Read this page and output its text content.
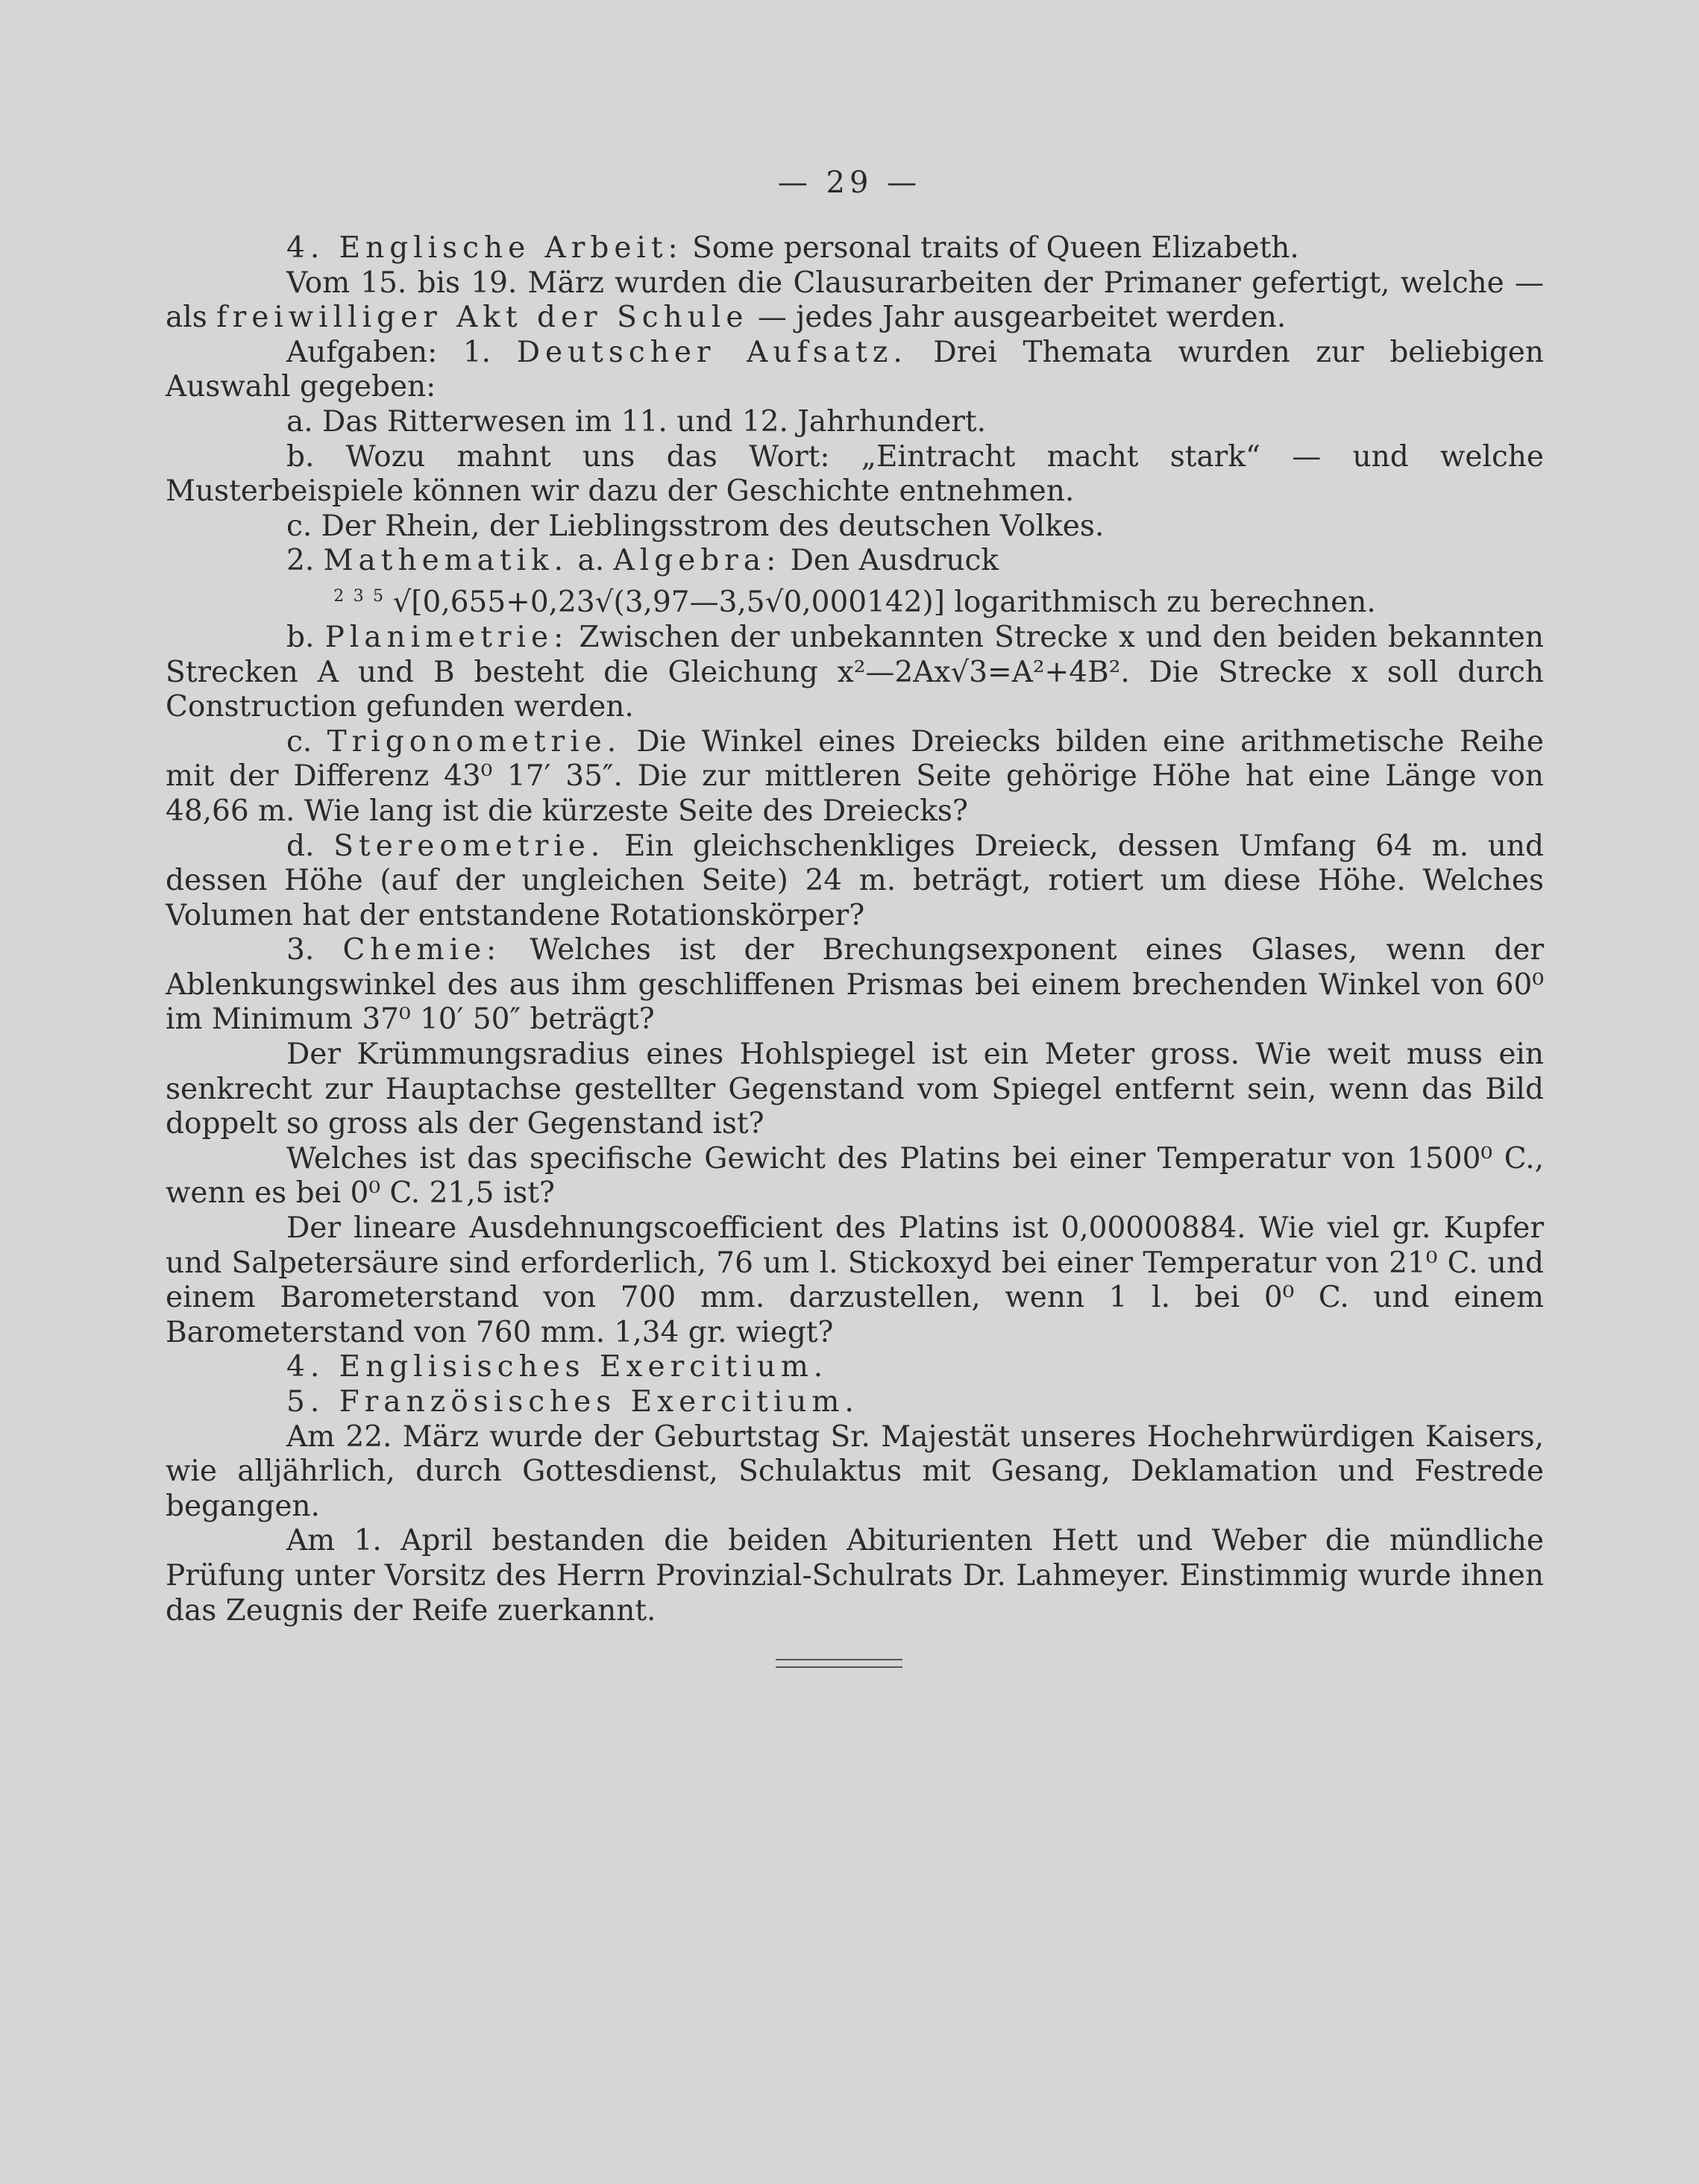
— 29 —

4. Englische Arbeit: Some personal traits of Queen Elizabeth.

Vom 15. bis 19. März wurden die Clausurarbeiten der Primaner gefertigt, welche — als freiwilliger Akt der Schule — jedes Jahr ausgearbeitet werden.

Aufgaben: 1. Deutscher Aufsatz. Drei Themata wurden zur beliebigen Auswahl gegeben:

a. Das Ritterwesen im 11. und 12. Jahrhundert.

b. Wozu mahnt uns das Wort: „Eintracht macht stark“ — und welche Musterbeispiele können wir dazu der Geschichte entnehmen.

c. Der Rhein, der Lieblingsstrom des deutschen Volkes.

2. Mathematik. a. Algebra: Den Ausdruck

$^2$ $^3$ $^5$ √[0,655+0,23√(3,97—3,5√0,000142)] logarithmisch zu berechnen.

b. Planimetrie: Zwischen der unbekannten Strecke x und den beiden bekannten Strecken A und B besteht die Gleichung x²—2Ax√3=A²+4B². Die Strecke x soll durch Construction gefunden werden.

c. Trigonometrie. Die Winkel eines Dreiecks bilden eine arithmetische Reihe mit der Differenz 43⁰ 17′ 35″. Die zur mittleren Seite gehörige Höhe hat eine Länge von 48,66 m. Wie lang ist die kürzeste Seite des Dreiecks?

d. Stereometrie. Ein gleichschenkliges Dreieck, dessen Umfang 64 m. und dessen Höhe (auf der ungleichen Seite) 24 m. beträgt, rotiert um diese Höhe. Welches Volumen hat der entstandene Rotationskörper?

3. Chemie: Welches ist der Brechungsexponent eines Glases, wenn der Ablenkungswinkel des aus ihm geschliffenen Prismas bei einem brechenden Winkel von 60⁰ im Minimum 37⁰ 10′ 50″ beträgt?

Der Krümmungsradius eines Hohlspiegel ist ein Meter gross. Wie weit muss ein senkrecht zur Hauptachse gestellter Gegenstand vom Spiegel entfernt sein, wenn das Bild doppelt so gross als der Gegenstand ist?

Welches ist das specifische Gewicht des Platins bei einer Temperatur von 1500⁰ C., wenn es bei 0⁰ C. 21,5 ist?

Der lineare Ausdehnungscoefficient des Platins ist 0,00000884. Wie viel gr. Kupfer und Salpetersäure sind erforderlich, 76 um l. Stickoxyd bei einer Temperatur von 21⁰ C. und einem Barometerstand von 700 mm. darzustellen, wenn 1 l. bei 0⁰ C. und einem Barometerstand von 760 mm. 1,34 gr. wiegt?

4. Englisisches Exercitium.

5. Französisches Exercitium.

Am 22. März wurde der Geburtstag Sr. Majestät unseres Hochehrwürdigen Kaisers, wie alljährlich, durch Gottesdienst, Schulaktus mit Gesang, Deklamation und Festrede begangen.

Am 1. April bestanden die beiden Abiturienten Hett und Weber die mündliche Prüfung unter Vorsitz des Herrn Provinzial-Schulrats Dr. Lahmeyer. Einstimmig wurde ihnen das Zeugnis der Reife zuerkannt.
